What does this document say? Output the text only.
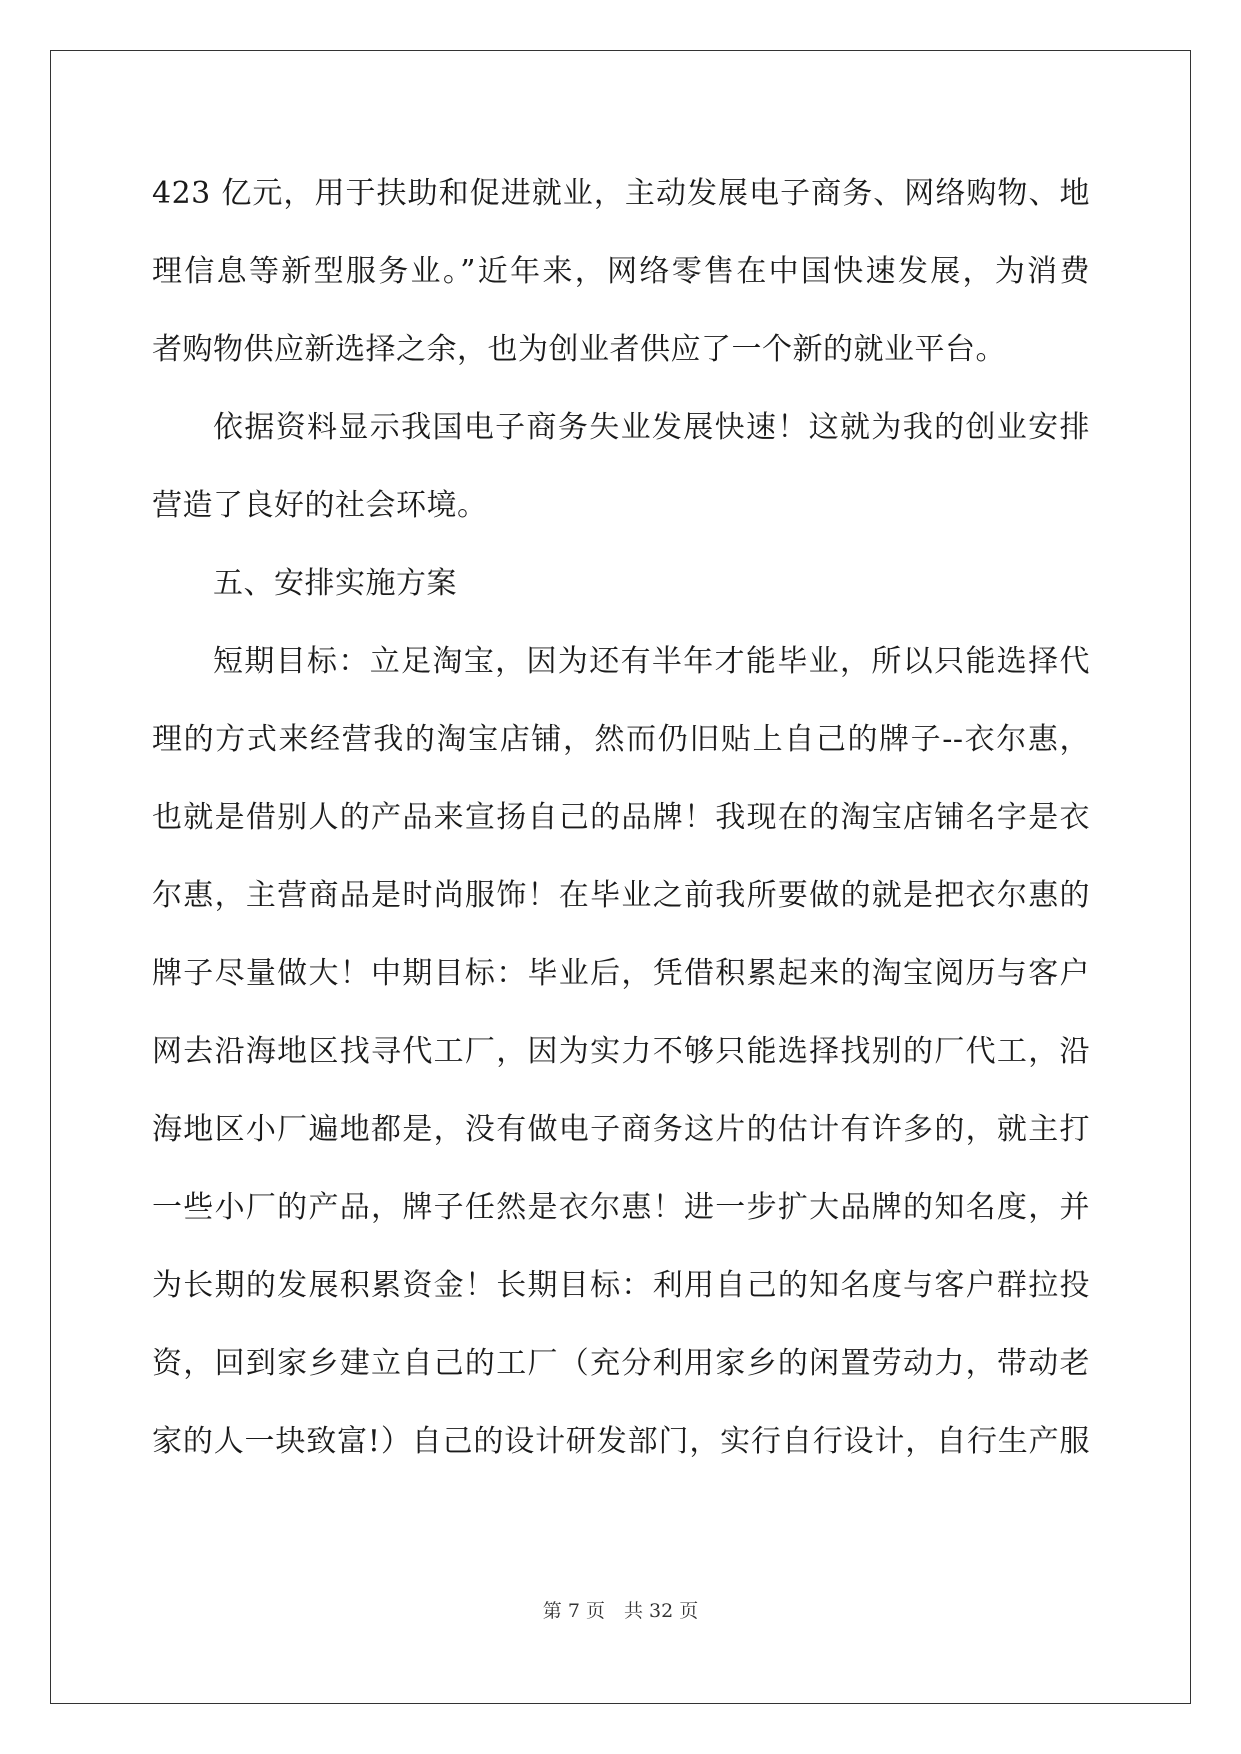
423 亿元，用于扶助和促进就业，主动发展电子商务、网络购物、地
理信息等新型服务业。”近年来，网络零售在中国快速发展，为消费
者购物供应新选择之余，也为创业者供应了一个新的就业平台。
依据资料显示我国电子商务失业发展快速！这就为我的创业安排
营造了良好的社会环境。
五、安排实施方案
短期目标：立足淘宝，因为还有半年才能毕业，所以只能选择代
理的方式来经营我的淘宝店铺，然而仍旧贴上自己的牌子--衣尔惠，
也就是借别人的产品来宣扬自己的品牌！我现在的淘宝店铺名字是衣
尔惠，主营商品是时尚服饰！在毕业之前我所要做的就是把衣尔惠的
牌子尽量做大！中期目标：毕业后，凭借积累起来的淘宝阅历与客户
网去沿海地区找寻代工厂，因为实力不够只能选择找别的厂代工，沿
海地区小厂遍地都是，没有做电子商务这片的估计有许多的，就主打
一些小厂的产品，牌子任然是衣尔惠！进一步扩大品牌的知名度，并
为长期的发展积累资金！长期目标：利用自己的知名度与客户群拉投
资，回到家乡建立自己的工厂（充分利用家乡的闲置劳动力，带动老
家的人一块致富!）自己的设计研发部门，实行自行设计，自行生产服
第 7 页　共 32 页
